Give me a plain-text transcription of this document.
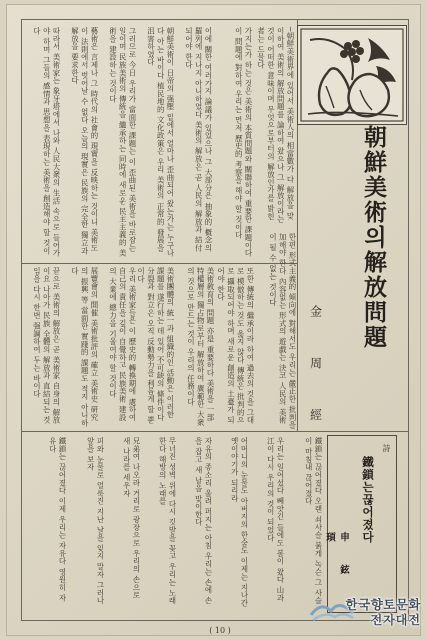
─朝鮮美術界에 있어서 美術人의 相當數가 다 解放을 맞이하여 美術의 解放問題를 論하여 왔으나 그 解放이라는 것이 어떠한 意味이며 무엇으로부터의 解放인가를 밝힌 者는 드물다
가지는가 하는 것은 美術의 本質問題와 關聯하여 重要한 課題이다 이 問題에 對하여 우리는 먼저 歷史的 考察을 해야 할 것이다
이에 關한 여러가지 論議가 있었으나 그 大部分은 抽象的 概念의 羅列에 지나지 아니하였다 美術의 解放은 곧 人民의 解放과 結付되어야 한다
朝鮮美術이 日帝의 强壓 밑에서 얼마나 歪曲되어 왔는가는 누구나 다 아는 바이다 植民地的 文化政策은 우리 美術의 正常的 發展을 沮害하였다
그러므로 今日 우리가 當面한 課題는 이 歪曲된 美術을 바로잡는 일이며 民族美術의 傳統을 繼承하는 同時에 새로운 民主主義的 美術을 建設하는 것이다
藝術은 言제나 그 時代의 社會的 現實을 反映하는 것이니 美術도 이 法則에서 벗어날 수 없다 오늘의 現實은 民族의 完全한 獨立과 解放을 要求한다
따라서 美術家는 象牙塔에서 나와 人民大衆의 生活 속으로 들어가야 하며 그들의 感情과 思想을 表現하는 美術을 創造해야 할 것이다
한편 形式主義的 傾向에 對해서도 우리는 嚴正한 批判을 加해야 한다 內容없는 形式의 遊戱는 決코 人民의 美術이 될 수 없는 것이다
또한 傳統의 繼承이라 하여 過去의 것을 그대로 模倣하는 것도 옳지 않다 傳統은 批判的으로 攝取되어야 하며 새로운 創造의 土臺가 되어야 한다
美術敎育의 問題 亦是 重要하다 美術을 一部 特權層의 獨占物로부터 解放하여 廣範한 大衆의 것으로 만드는 것이 우리의 任務이다
美術團體의 統一과 組織的인 活動은 이러한 課題를 遂行하는 데 있어 不可缺의 條件이다 分裂과 對立은 오직 反動勢力을 利롭게 할 뿐이다
우리 美術家들은 이 歷史的 轉換期에 處하여 自己의 責任을 깊이 自覺하고 民族美術 建設의 大業에 總力을 기울여야 할 것이다
展覽會의 開催 美術批評의 確立 美術史 硏究의 振興 等 當面한 實踐的 課題도 적지 아니하다
끝으로 美術의 解放은 곧 美術家 自身의 解放이요 나아가 民族 全體의 解放과 直結되는 것임을 다시 한번 强調하여 두는 바이다	朝鮮美術의解放問題
金 周 經
鐵鎖는 끊어졌다 오랜 쇠사슬 붉게 녹슨 그 사슬이 마침내 끊어졌다
우리는 일어섰다 빼앗긴 들에도 봄이 왔다 山과 江이 다시 우리의 것이 되었다
어머니의 눈물도 아버지의 한숨도 이제는 지나간 옛이야기가 되리라
자유의 종소리 울려 퍼지는 아침 우리는 손에 손을 잡고 새 날을 맞이한다
무너진 성벽 위에 다시 깃발을 꽂고 우리는 노래한다 해방의 노래를
兄弟여 나오라 거리로 광장으로 우리의 손으로 새 나라를 세우자
피와 눈물로 얼룩진 지난 날을 잊지 말자 그러나 앞을 보자
鐵鎖는 끊어졌다 이제 우리는 자유다 영원히 자유다	詩
鐵鎖는끊어졌다
申 鉉 頊
( 10 )
한국향토문화
전자대전
